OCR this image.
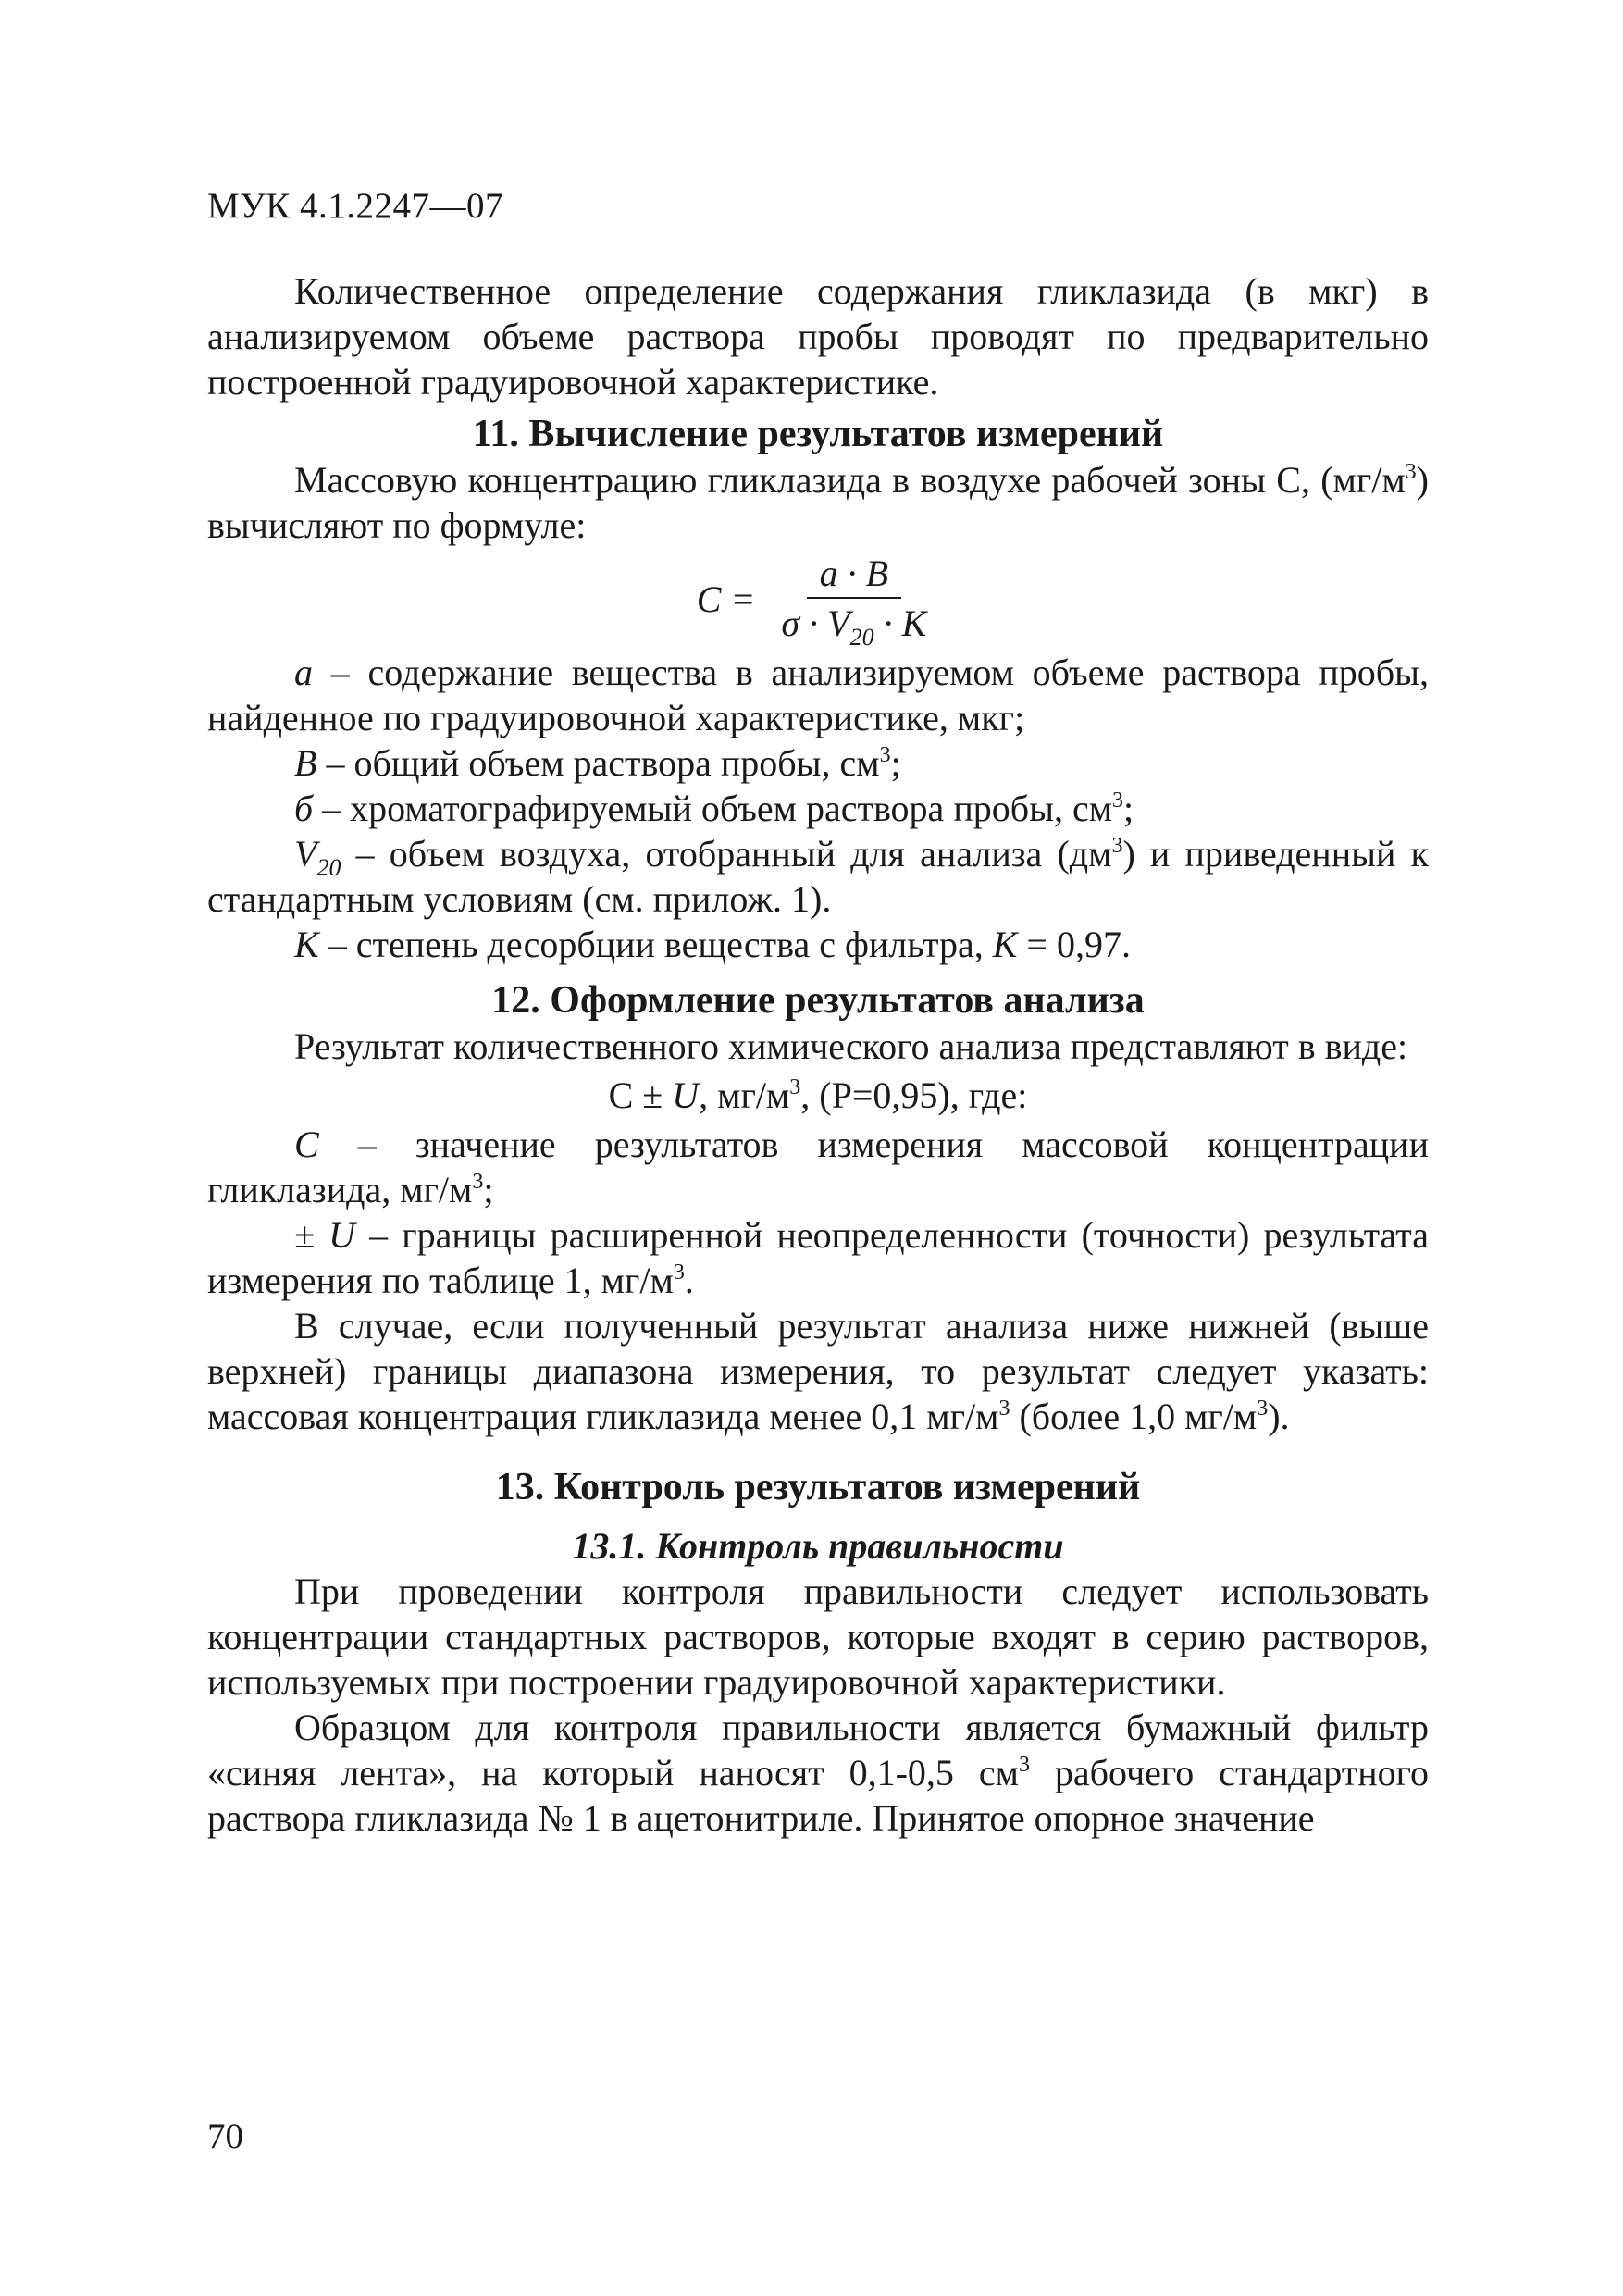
МУК 4.1.2247—07

Количественное определение содержания гликлазида (в мкг) в анализируемом объеме раствора пробы проводят по предварительно построенной градуировочной характеристике.

11. Вычисление результатов измерений

Массовую концентрацию гликлазида в воздухе рабочей зоны С, $(мг/м^3)$ вычисляют по формуле:

$C = \frac{a \cdot B}{\sigma \cdot V_{20} \cdot K}$

a – содержание вещества в анализируемом объеме раствора пробы, найденное по градуировочной характеристике, мкг;

B – общий объем раствора пробы, $см^3$;

б – хроматографируемый объем раствора пробы, $см^3$;

$V_{20}$ – объем воздуха, отобранный для анализа $(дм^3)$ и приведенный к стандартным условиям (см. прилож. 1).

K – степень десорбции вещества с фильтра, K = 0,97.

12. Оформление результатов анализа

Результат количественного химического анализа представляют в виде:

С ± U, $мг/м^3$, (Р=0,95), где:

С – значение результатов измерения массовой концентрации гликлазида, $мг/м^3$;

± U – границы расширенной неопределенности (точности) результата измерения по таблице 1, $мг/м^3$.

В случае, если полученный результат анализа ниже нижней (выше верхней) границы диапазона измерения, то результат следует указать: массовая концентрация гликлазида менее 0,1 $мг/м^3$ (более 1,0 $мг/м^3$).

13. Контроль результатов измерений
13.1. Контроль правильности

При проведении контроля правильности следует использовать концентрации стандартных растворов, которые входят в серию растворов, используемых при построении градуировочной характеристики.

Образцом для контроля правильности является бумажный фильтр «синяя лента», на который наносят 0,1-0,5 $см^3$ рабочего стандартного раствора гликлазида № 1 в ацетонитриле. Принятое опорное значение

70
